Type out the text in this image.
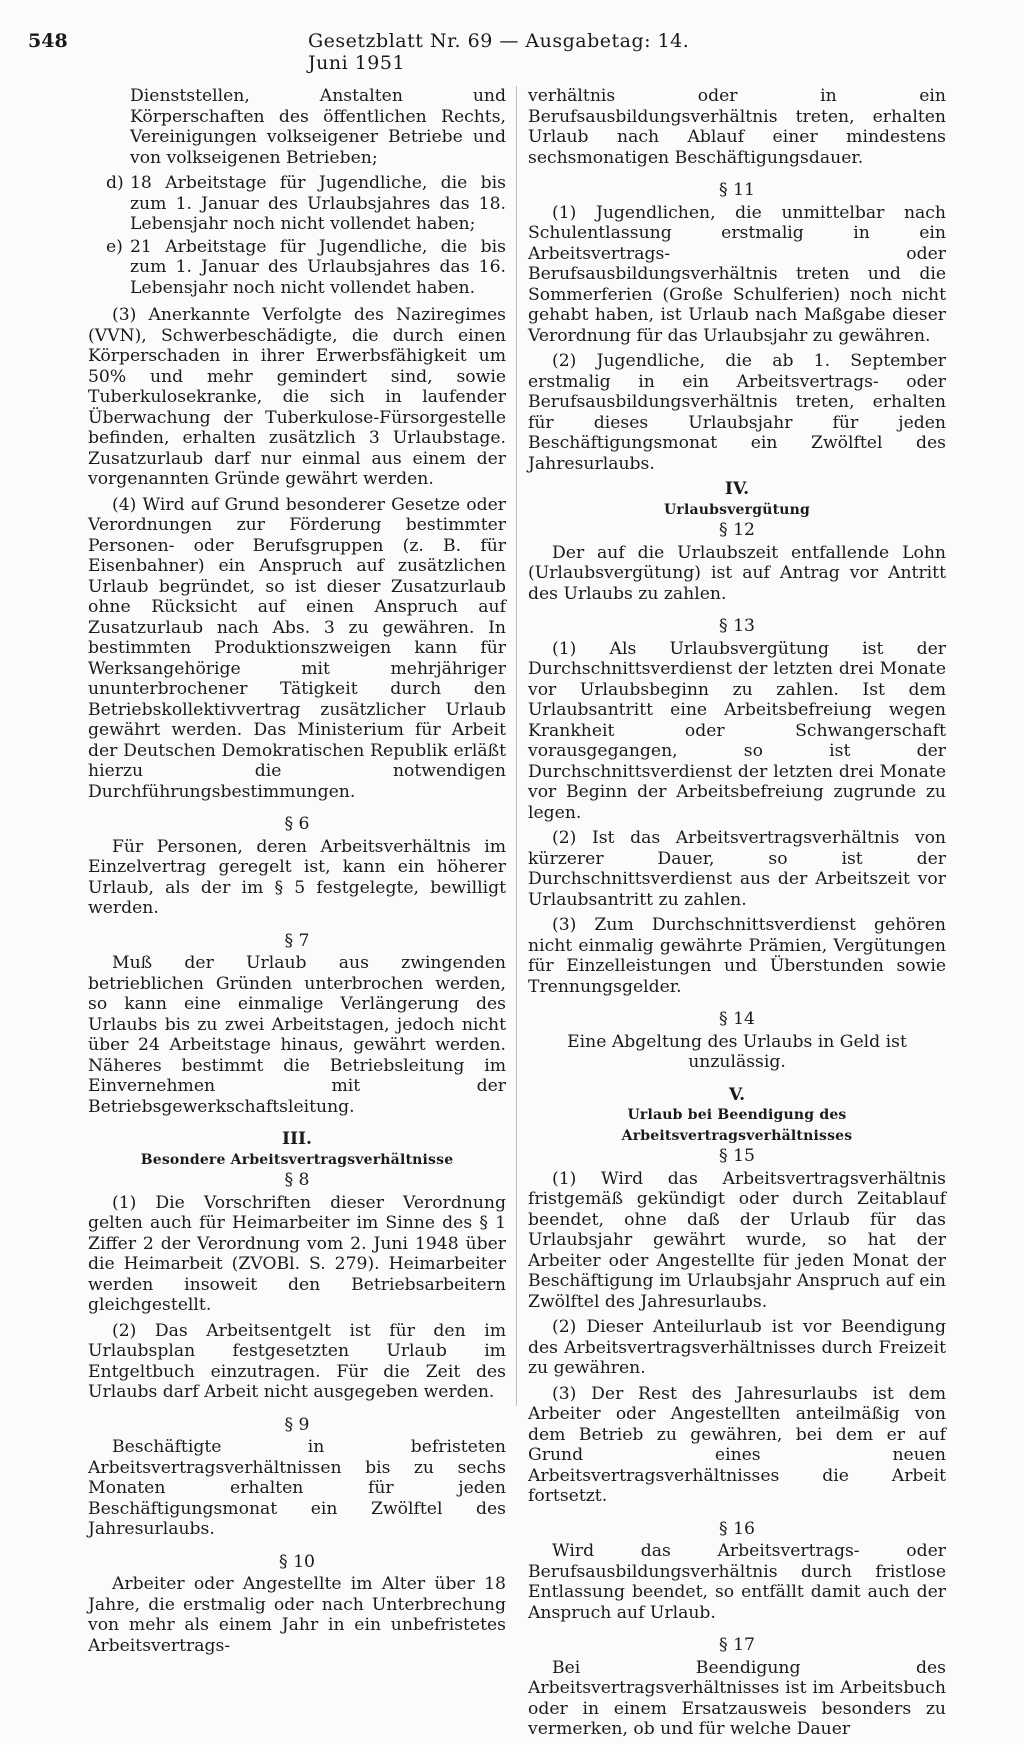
548	Gesetzblatt Nr. 69 — Ausgabetag: 14. Juni 1951

Dienststellen, Anstalten und Körperschaften des öffentlichen Rechts, Vereinigungen volkseigener Betriebe und von volkseigenen Betrieben;

d) 18 Arbeitstage für Jugendliche, die bis zum 1. Januar des Urlaubsjahres das 18. Lebensjahr noch nicht vollendet haben;
e) 21 Arbeitstage für Jugendliche, die bis zum 1. Januar des Urlaubsjahres das 16. Lebensjahr noch nicht vollendet haben.

(3) Anerkannte Verfolgte des Naziregimes (VVN), Schwerbeschädigte, die durch einen Körperschaden in ihrer Erwerbsfähigkeit um 50% und mehr gemindert sind, sowie Tuberkulosekranke, die sich in laufender Überwachung der Tuberkulose-Fürsorgestelle befinden, erhalten zusätzlich 3 Urlaubstage. Zusatzurlaub darf nur einmal aus einem der vorgenannten Gründe gewährt werden.

(4) Wird auf Grund besonderer Gesetze oder Verordnungen zur Förderung bestimmter Personen- oder Berufsgruppen (z. B. für Eisenbahner) ein Anspruch auf zusätzlichen Urlaub begründet, so ist dieser Zusatzurlaub ohne Rücksicht auf einen Anspruch auf Zusatzurlaub nach Abs. 3 zu gewähren. In bestimmten Produktionszweigen kann für Werksangehörige mit mehrjähriger ununterbrochener Tätigkeit durch den Betriebskollektivvertrag zusätzlicher Urlaub gewährt werden. Das Ministerium für Arbeit der Deutschen Demokratischen Republik erläßt hierzu die notwendigen Durchführungsbestimmungen.

§ 6

Für Personen, deren Arbeitsverhältnis im Einzelvertrag geregelt ist, kann ein höherer Urlaub, als der im § 5 festgelegte, bewilligt werden.

§ 7

Muß der Urlaub aus zwingenden betrieblichen Gründen unterbrochen werden, so kann eine einmalige Verlängerung des Urlaubs bis zu zwei Arbeitstagen, jedoch nicht über 24 Arbeitstage hinaus, gewährt werden. Näheres bestimmt die Betriebsleitung im Einvernehmen mit der Betriebsgewerkschaftsleitung.

III.
Besondere Arbeitsvertragsverhältnisse
§ 8

(1) Die Vorschriften dieser Verordnung gelten auch für Heimarbeiter im Sinne des § 1 Ziffer 2 der Verordnung vom 2. Juni 1948 über die Heimarbeit (ZVOBl. S. 279). Heimarbeiter werden insoweit den Betriebsarbeitern gleichgestellt.

(2) Das Arbeitsentgelt ist für den im Urlaubsplan festgesetzten Urlaub im Entgeltbuch einzutragen. Für die Zeit des Urlaubs darf Arbeit nicht ausgegeben werden.

§ 9

Beschäftigte in befristeten Arbeitsvertragsverhältnissen bis zu sechs Monaten erhalten für jeden Beschäftigungsmonat ein Zwölftel des Jahresurlaubs.

§ 10

Arbeiter oder Angestellte im Alter über 18 Jahre, die erstmalig oder nach Unterbrechung von mehr als einem Jahr in ein unbefristetes Arbeitsvertrags-

verhältnis oder in ein Berufsausbildungsverhältnis treten, erhalten Urlaub nach Ablauf einer mindestens sechsmonatigen Beschäftigungsdauer.

§ 11

(1) Jugendlichen, die unmittelbar nach Schulentlassung erstmalig in ein Arbeitsvertrags- oder Berufsausbildungsverhältnis treten und die Sommerferien (Große Schulferien) noch nicht gehabt haben, ist Urlaub nach Maßgabe dieser Verordnung für das Urlaubsjahr zu gewähren.

(2) Jugendliche, die ab 1. September erstmalig in ein Arbeitsvertrags- oder Berufsausbildungsverhältnis treten, erhalten für dieses Urlaubsjahr für jeden Beschäftigungsmonat ein Zwölftel des Jahresurlaubs.

IV.
Urlaubsvergütung
§ 12

Der auf die Urlaubszeit entfallende Lohn (Urlaubsvergütung) ist auf Antrag vor Antritt des Urlaubs zu zahlen.

§ 13

(1) Als Urlaubsvergütung ist der Durchschnittsverdienst der letzten drei Monate vor Urlaubsbeginn zu zahlen. Ist dem Urlaubsantritt eine Arbeitsbefreiung wegen Krankheit oder Schwangerschaft vorausgegangen, so ist der Durchschnittsverdienst der letzten drei Monate vor Beginn der Arbeitsbefreiung zugrunde zu legen.

(2) Ist das Arbeitsvertragsverhältnis von kürzerer Dauer, so ist der Durchschnittsverdienst aus der Arbeitszeit vor Urlaubsantritt zu zahlen.

(3) Zum Durchschnittsverdienst gehören nicht einmalig gewährte Prämien, Vergütungen für Einzelleistungen und Überstunden sowie Trennungsgelder.

§ 14

Eine Abgeltung des Urlaubs in Geld ist unzulässig.

V.
Urlaub bei Beendigung des Arbeitsvertragsverhältnisses
§ 15

(1) Wird das Arbeitsvertragsverhältnis fristgemäß gekündigt oder durch Zeitablauf beendet, ohne daß der Urlaub für das Urlaubsjahr gewährt wurde, so hat der Arbeiter oder Angestellte für jeden Monat der Beschäftigung im Urlaubsjahr Anspruch auf ein Zwölftel des Jahresurlaubs.

(2) Dieser Anteilurlaub ist vor Beendigung des Arbeitsvertragsverhältnisses durch Freizeit zu gewähren.

(3) Der Rest des Jahresurlaubs ist dem Arbeiter oder Angestellten anteilmäßig von dem Betrieb zu gewähren, bei dem er auf Grund eines neuen Arbeitsvertragsverhältnisses die Arbeit fortsetzt.

§ 16

Wird das Arbeitsvertrags- oder Berufsausbildungsverhältnis durch fristlose Entlassung beendet, so entfällt damit auch der Anspruch auf Urlaub.

§ 17

Bei Beendigung des Arbeitsvertragsverhältnisses ist im Arbeitsbuch oder in einem Ersatzausweis besonders zu vermerken, ob und für welche Dauer
